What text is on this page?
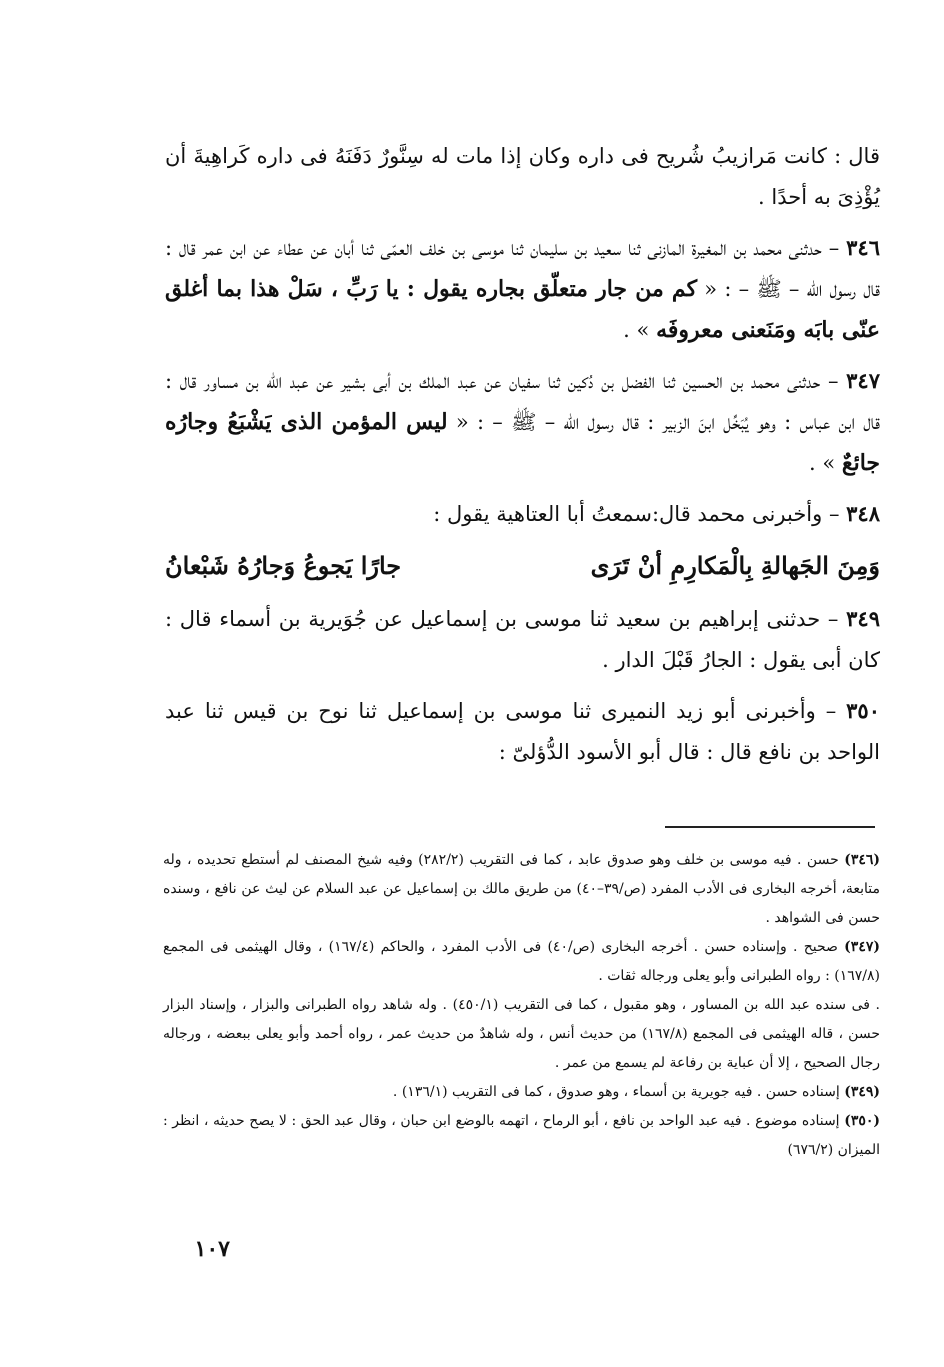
قال : كانت مَرازيبُ شُريح فى داره وكان إذا مات له سِنَّورٌ دَفَنَهُ فى داره كَراهِيةَ أن يُؤْذِىَ به أحدًا .

٣٤٦ – حدثنى محمد بن المغيرة المازنى ثنا سعيد بن سليمان ثنا موسى بن خلف العمّى ثنا أبان عن عطاء عن ابن عمر قال : قال رسول الله – ﷺ – : « كم من جار متعلّق بجاره يقول : يا رَبِّ ، سَلْ هذا بما أغلق عنّى بابَه ومَنَعنى معروفَه » .

٣٤٧ – حدثنى محمد بن الحسين ثنا الفضل بن دُكين ثنا سفيان عن عبد الملك بن أبى بشير عن عبد الله بن مساور قال : قال ابن عباس : وهو يُبَخِّل ابنَ الزبير : قال رسول الله – ﷺ – : « ليس المؤمن الذى يَشْبَعُ وجارُه جائعٌ » .

٣٤٨ – وأخبرنى محمد قال:سمعتُ أبا العتاهية يقول :

وَمِنَ الجَهالةِ بِالْمَكارِمِ أنْ تَرَى
جارًا يَجوعُ وَجارُهُ شَبْعانُ

٣٤٩ – حدثنى إبراهيم بن سعيد ثنا موسى بن إسماعيل عن جُوَيرية بن أسماء قال : كان أبى يقول : الجارُ قَبْلَ الدار .

٣٥٠ – وأخبرنى أبو زيد النميرى ثنا موسى بن إسماعيل ثنا نوح بن قيس ثنا عبد الواحد بن نافع قال : قال أبو الأسود الدُّؤلىّ :

(٣٤٦) حسن . فيه موسى بن خلف وهو صدوق عابد ، كما فى التقريب (٢٨٢/٢) وفيه شيخ المصنف لم أستطع تحديده ، وله متابعة، أخرجه البخارى فى الأدب المفرد (ص/٣٩–٤٠) من طريق مالك بن إسماعيل عن عبد السلام عن ليث عن نافع ، وسنده حسن فى الشواهد .

(٣٤٧) صحيح . وإسناده حسن . أخرجه البخارى (ص/٤٠) فى الأدب المفرد ، والحاكم (١٦٧/٤) ، وقال الهيثمى فى المجمع (١٦٧/٨) : رواه الطبرانى وأبو يعلى ورجاله ثقات .

. فى سنده عبد الله بن المساور ، وهو مقبول ، كما فى التقريب (٤٥٠/١) . وله شاهد رواه الطبرانى والبزار ، وإسناد البزار حسن ، قاله الهيثمى فى المجمع (١٦٧/٨) من حديث أنس ، وله شاهدٌ من حديث عمر ، رواه أحمد وأبو يعلى ببعضه ، ورجاله رجال الصحيح ، إلا أن عباية بن رفاعة لم يسمع من عمر .

(٣٤٩) إسناده حسن . فيه جويرية بن أسماء ، وهو صدوق ، كما فى التقريب (١٣٦/١) .

(٣٥٠) إسناده موضوع . فيه عبد الواحد بن نافع ، أبو الرماح ، اتهمه بالوضع ابن حبان ، وقال عبد الحق : لا يصح حديثه ، انظر : الميزان (٦٧٦/٢)

١٠٧
